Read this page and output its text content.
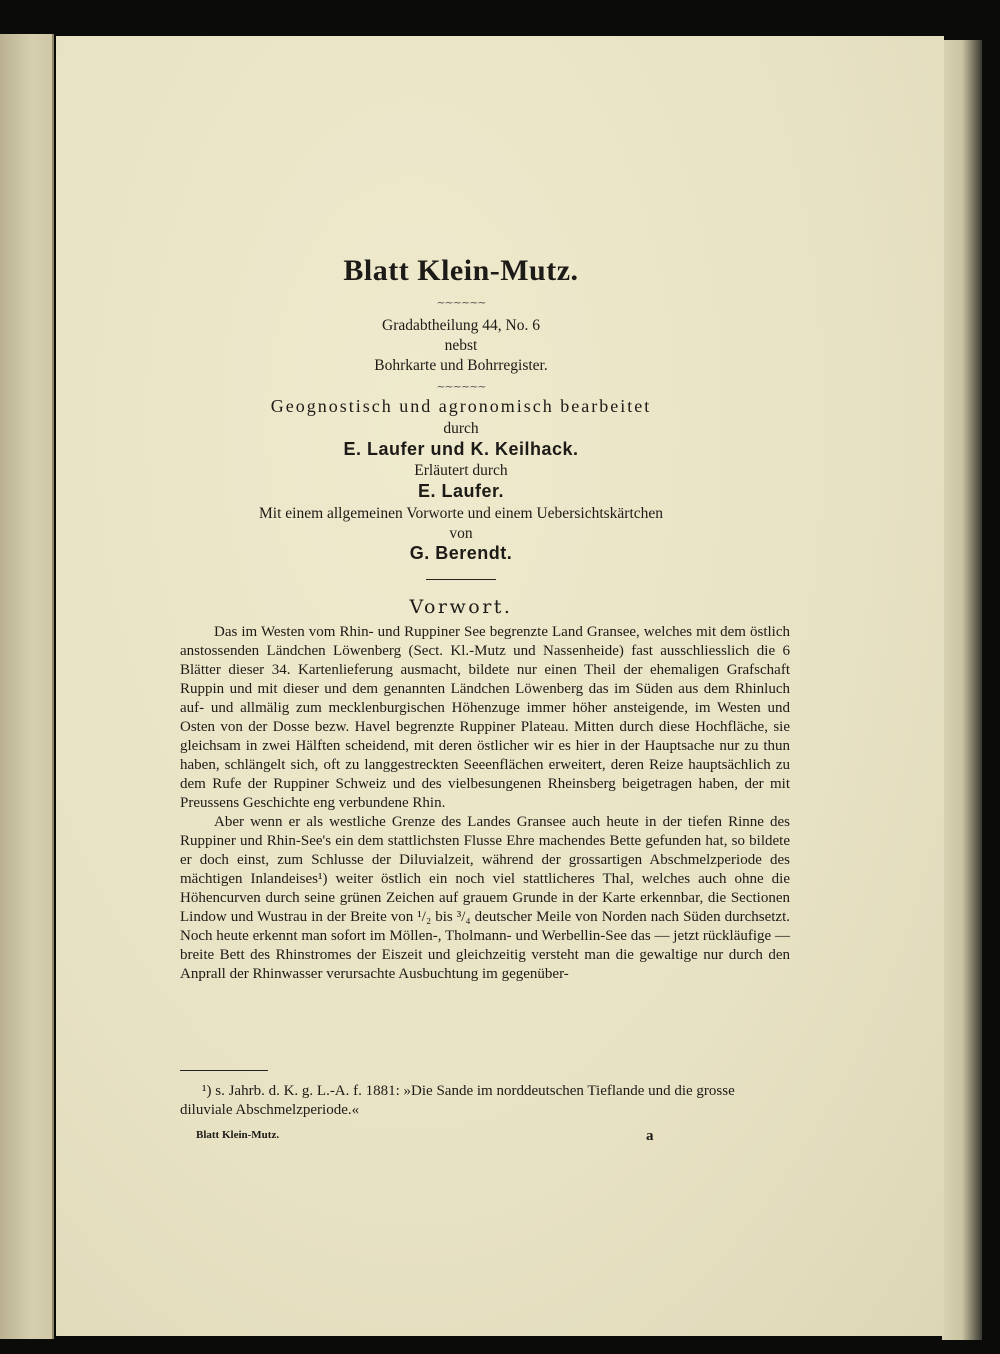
Blatt Klein-Mutz.
~~~~~~
Gradabtheilung 44, No. 6
nebst
Bohrkarte und Bohrregister.
~~~~~~
Geognostisch und agronomisch bearbeitet
durch
E. Laufer und K. Keilhack.
Erläutert durch
E. Laufer.
Mit einem allgemeinen Vorworte und einem Uebersichtskärtchen
von
G. Berendt.
Vorwort.

Das im Westen vom Rhin- und Ruppiner See begrenzte Land Gransee, welches mit dem östlich anstossenden Ländchen Löwenberg (Sect. Kl.-Mutz und Nassenheide) fast ausschliesslich die 6 Blätter dieser 34. Kartenlieferung ausmacht, bildete nur einen Theil der ehemaligen Grafschaft Ruppin und mit dieser und dem genannten Ländchen Löwenberg das im Süden aus dem Rhinluch auf- und allmälig zum mecklenburgischen Höhenzuge immer höher ansteigende, im Westen und Osten von der Dosse bezw. Havel begrenzte Ruppiner Plateau. Mitten durch diese Hochfläche, sie gleichsam in zwei Hälften scheidend, mit deren östlicher wir es hier in der Hauptsache nur zu thun haben, schlängelt sich, oft zu langgestreckten Seeenflächen erweitert, deren Reize hauptsächlich zu dem Rufe der Ruppiner Schweiz und des vielbesungenen Rheinsberg beigetragen haben, der mit Preussens Geschichte eng verbundene Rhin.

Aber wenn er als westliche Grenze des Landes Gransee auch heute in der tiefen Rinne des Ruppiner und Rhin-See's ein dem stattlichsten Flusse Ehre machendes Bette gefunden hat, so bildete er doch einst, zum Schlusse der Diluvialzeit, während der grossartigen Abschmelzperiode des mächtigen Inlandeises¹) weiter östlich ein noch viel stattlicheres Thal, welches auch ohne die Höhencurven durch seine grünen Zeichen auf grauem Grunde in der Karte erkennbar, die Sectionen Lindow und Wustrau in der Breite von ¹/₂ bis ³/₄ deutscher Meile von Norden nach Süden durchsetzt. Noch heute erkennt man sofort im Möllen-, Tholmann- und Werbellin-See das — jetzt rückläufige — breite Bett des Rhinstromes der Eiszeit und gleichzeitig versteht man die gewaltige nur durch den Anprall der Rhinwasser verursachte Ausbuchtung im gegenüber-

¹) s. Jahrb. d. K. g. L.-A. f. 1881: »Die Sande im norddeutschen Tieflande und die grosse diluviale Abschmelzperiode.«
Blatt Klein-Mutz.	a
